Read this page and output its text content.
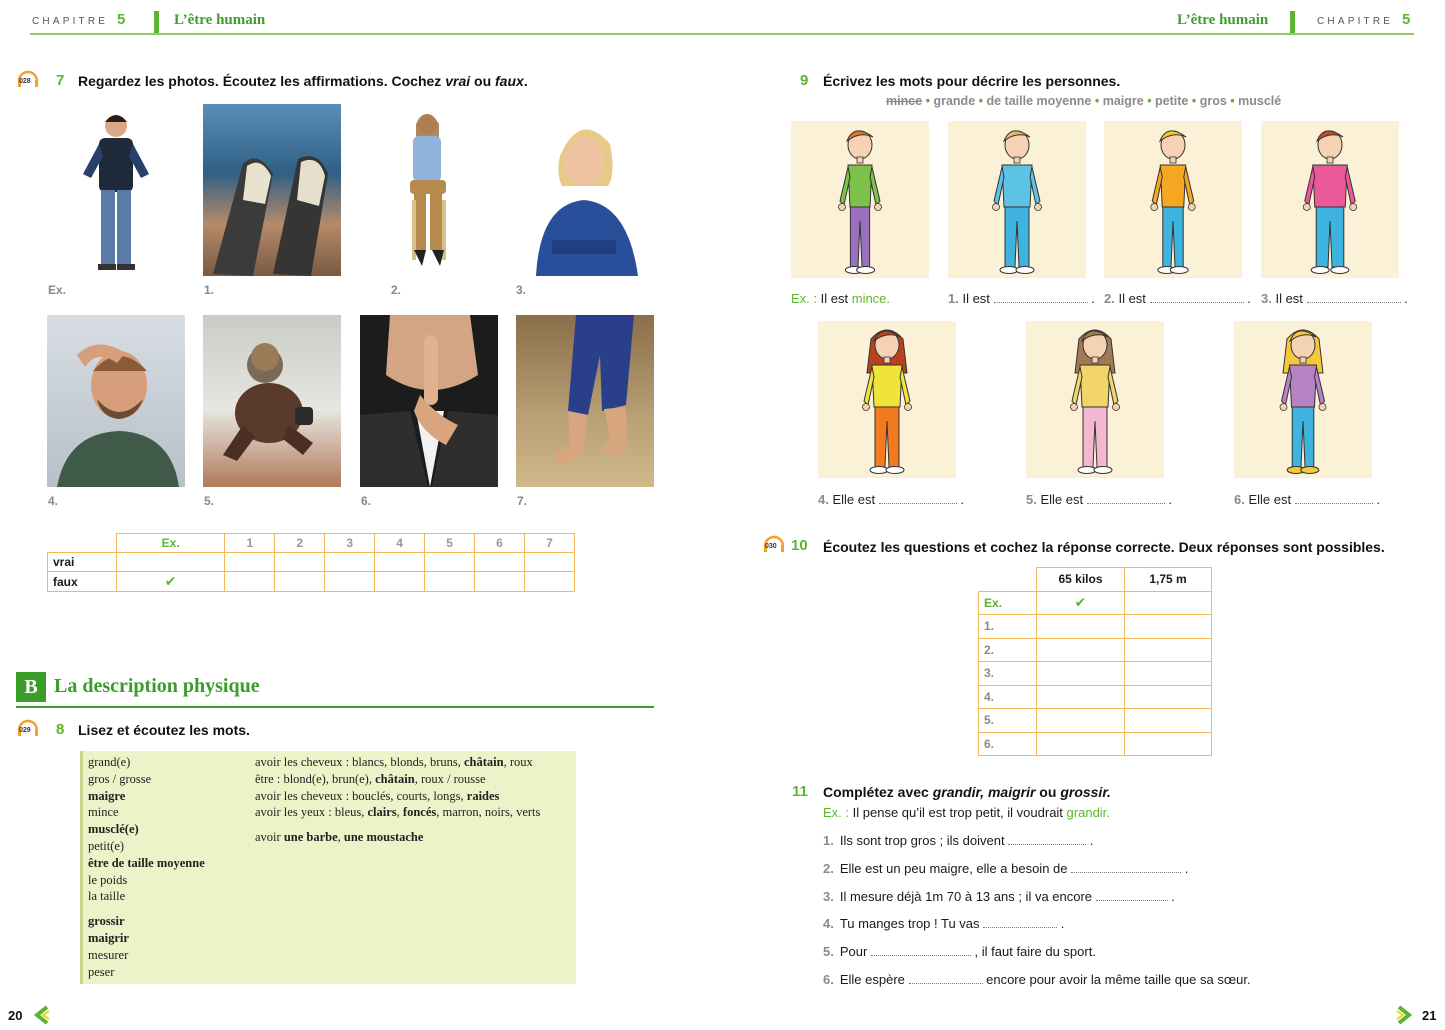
CHAPITRE 5	L’être humain	L’être humain	CHAPITRE 5
028 7 Regardez les photos. Écoutez les affirmations. Cochez vrai ou faux.
Ex.	1.	2.	3.
4.	5.	6.	7.
	Ex.	1	2	3	4	5	6	7
vrai								
faux	✔							
B La description physique
029 8 Lisez et écoutez les mots.
grand(e)
gros / grosse
maigre
mince
musclé(e)
petit(e)
être de taille moyenne
le poids
la taille
grossir
maigrir
mesurer
peser
avoir les cheveux : blancs, blonds, bruns, châtain, roux
être : blond(e), brun(e), châtain, roux / rousse
avoir les cheveux : bouclés, courts, longs, raides
avoir les yeux : bleus, clairs, foncés, marron, noirs, verts
avoir une barbe, une moustache
9 Écrivez les mots pour décrire les personnes.
mince • grande • de taille moyenne • maigre • petite • gros • musclé
Ex. : Il est mince.	1. Il est	. 2. Il est	. 3. Il est	.
4. Elle est	.	5. Elle est	.	6. Elle est	.
030 10 Écoutez les questions et cochez la réponse correcte. Deux réponses sont possibles.
	65 kilos	1,75 m
Ex.	✔	
1.		
2.		
3.		
4.		
5.		
6.		
11 Complétez avec grandir, maigrir ou grossir.
Ex. : Il pense qu’il est trop petit, il voudrait grandir.
1. Ils sont trop gros ; ils doivent	.
2. Elle est un peu maigre, elle a besoin de	.
3. Il mesure déjà 1m 70 à 13 ans ; il va encore	.
4. Tu manges trop ! Tu vas	.
5. Pour	, il faut faire du sport.
6. Elle espère	encore pour avoir la même taille que sa sœur.
20	21
